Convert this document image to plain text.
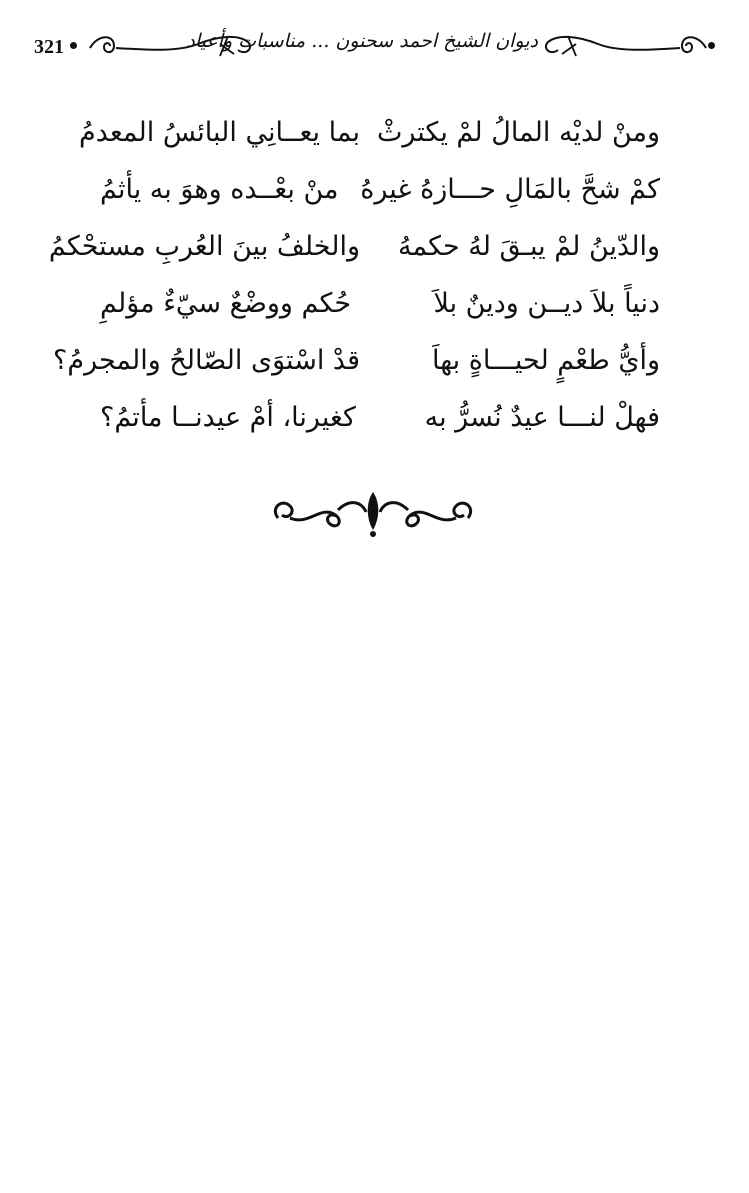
321	ديوان الشيخ احمد سحنون ... مناسبات وأعياد
ومنْ لديْه المالُ لمْ يكترثْ
بما يعــانِي البائسُ المعدمُ
كمْ شحَّ بالمَالِ حـــازهُ غيرهُ
منْ بعْــده وهوَ به يأثمُ
والدّينُ لمْ يبـقَ لهُ حكمهُ
والخلفُ بينَ العُربِ مستحْكمُ
دنياً بلاَ ديــن ودينٌ بلاَ
حُكم ووضْعٌ سيّءٌ مؤلمِ
وأيُّ طعْمٍ لحيـــاةٍ بهاَ
قدْ اسْتوَى الصّالحُ والمجرمُ؟
فهلْ لنـــا عيدٌ نُسرُّ به
كغيرنا، أمْ عيدنــا مأتمُ؟
